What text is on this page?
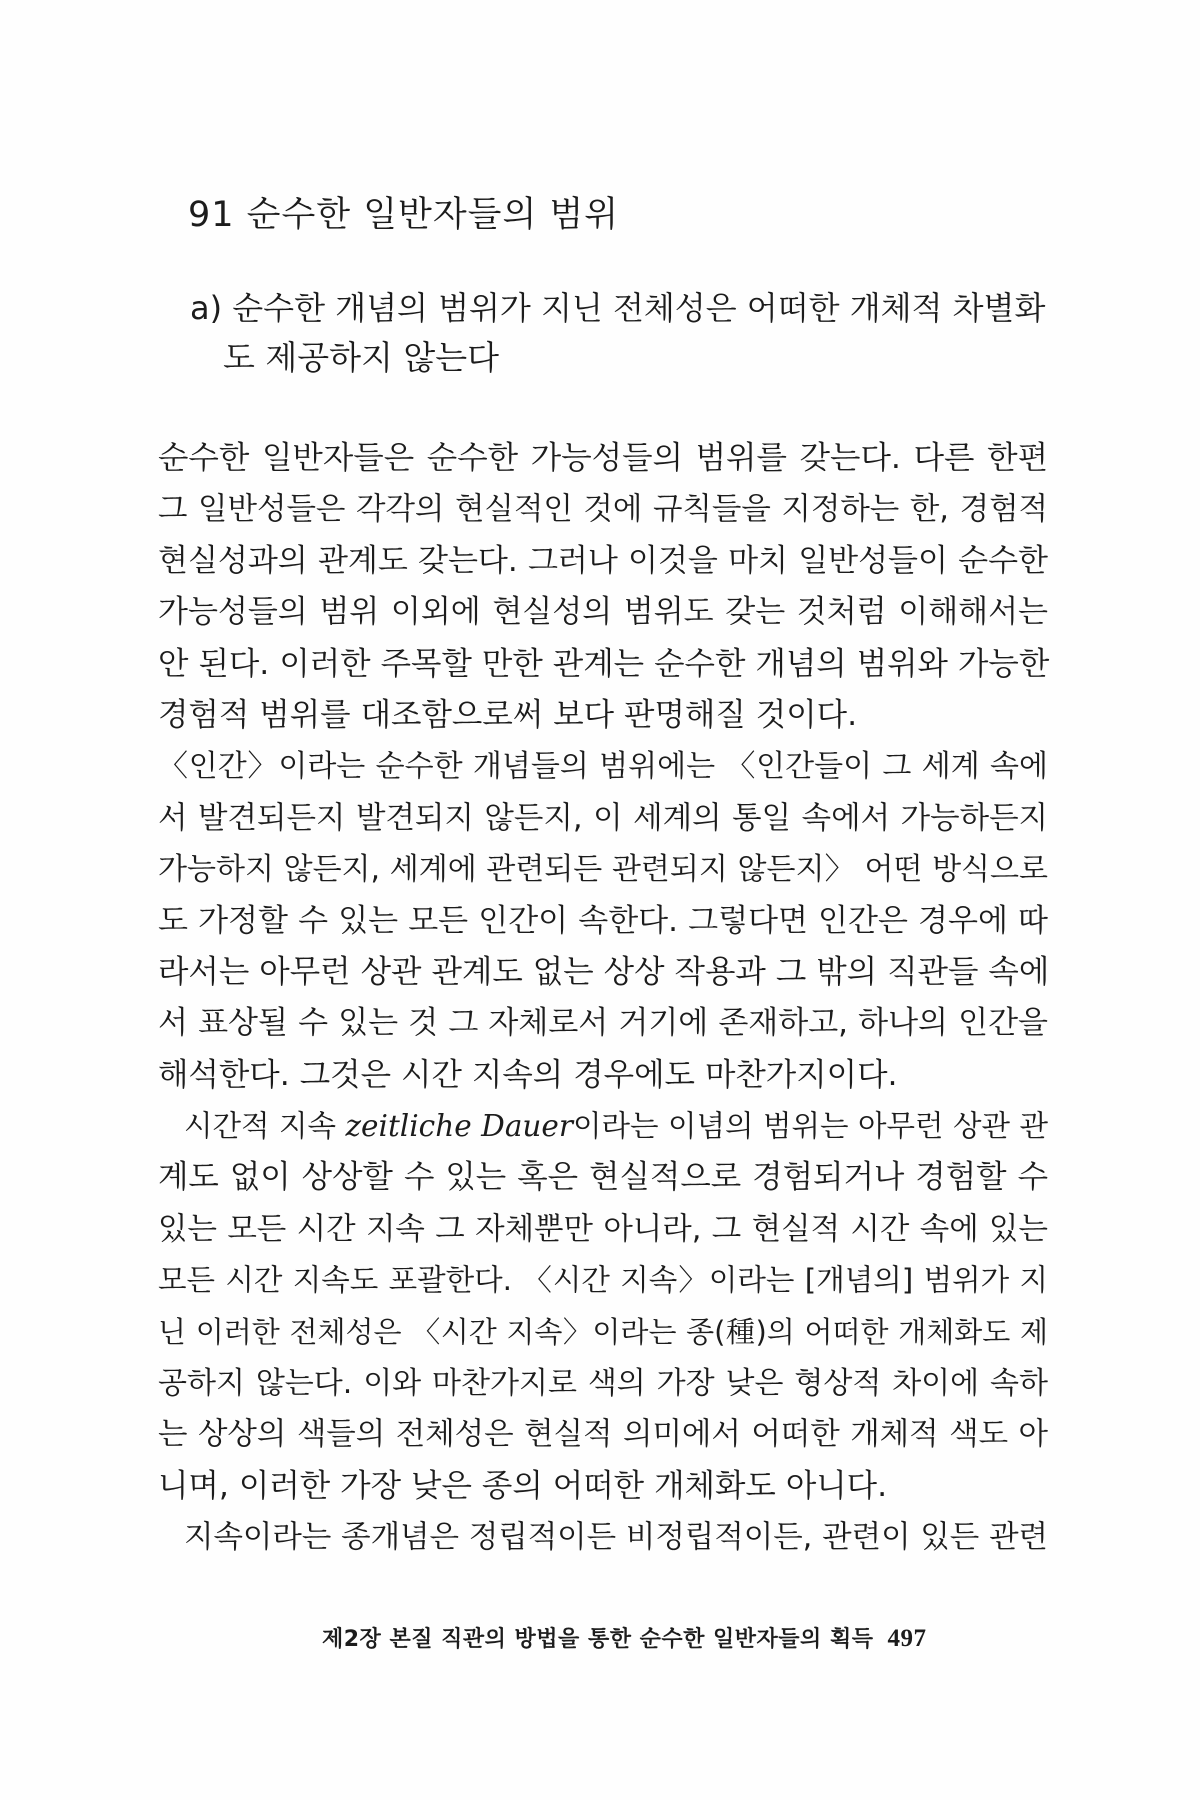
91 순수한 일반자들의 범위
a) 순수한 개념의 범위가 지닌 전체성은 어떠한 개체적 차별화
도 제공하지 않는다
순수한 일반자들은 순수한 가능성들의 범위를 갖는다. 다른 한편
그 일반성들은 각각의 현실적인 것에 규칙들을 지정하는 한, 경험적
현실성과의 관계도 갖는다. 그러나 이것을 마치 일반성들이 순수한
가능성들의 범위 이외에 현실성의 범위도 갖는 것처럼 이해해서는
안 된다. 이러한 주목할 만한 관계는 순수한 개념의 범위와 가능한
경험적 범위를 대조함으로써 보다 판명해질 것이다.
〈인간〉이라는 순수한 개념들의 범위에는 〈인간들이 그 세계 속에
서 발견되든지 발견되지 않든지, 이 세계의 통일 속에서 가능하든지
가능하지 않든지, 세계에 관련되든 관련되지 않든지〉 어떤 방식으로
도 가정할 수 있는 모든 인간이 속한다. 그렇다면 인간은 경우에 따
라서는 아무런 상관 관계도 없는 상상 작용과 그 밖의 직관들 속에
서 표상될 수 있는 것 그 자체로서 거기에 존재하고, 하나의 인간을
해석한다. 그것은 시간 지속의 경우에도 마찬가지이다.
시간적 지속 zeitliche Dauer이라는 이념의 범위는 아무런 상관 관
계도 없이 상상할 수 있는 혹은 현실적으로 경험되거나 경험할 수
있는 모든 시간 지속 그 자체뿐만 아니라, 그 현실적 시간 속에 있는
모든 시간 지속도 포괄한다. 〈시간 지속〉이라는 [개념의] 범위가 지
닌 이러한 전체성은 〈시간 지속〉이라는 종(種)의 어떠한 개체화도 제
공하지 않는다. 이와 마찬가지로 색의 가장 낮은 형상적 차이에 속하
는 상상의 색들의 전체성은 현실적 의미에서 어떠한 개체적 색도 아
니며, 이러한 가장 낮은 종의 어떠한 개체화도 아니다.
지속이라는 종개념은 정립적이든 비정립적이든, 관련이 있든 관련
제2장 본질 직관의 방법을 통한 순수한 일반자들의 획득 497
